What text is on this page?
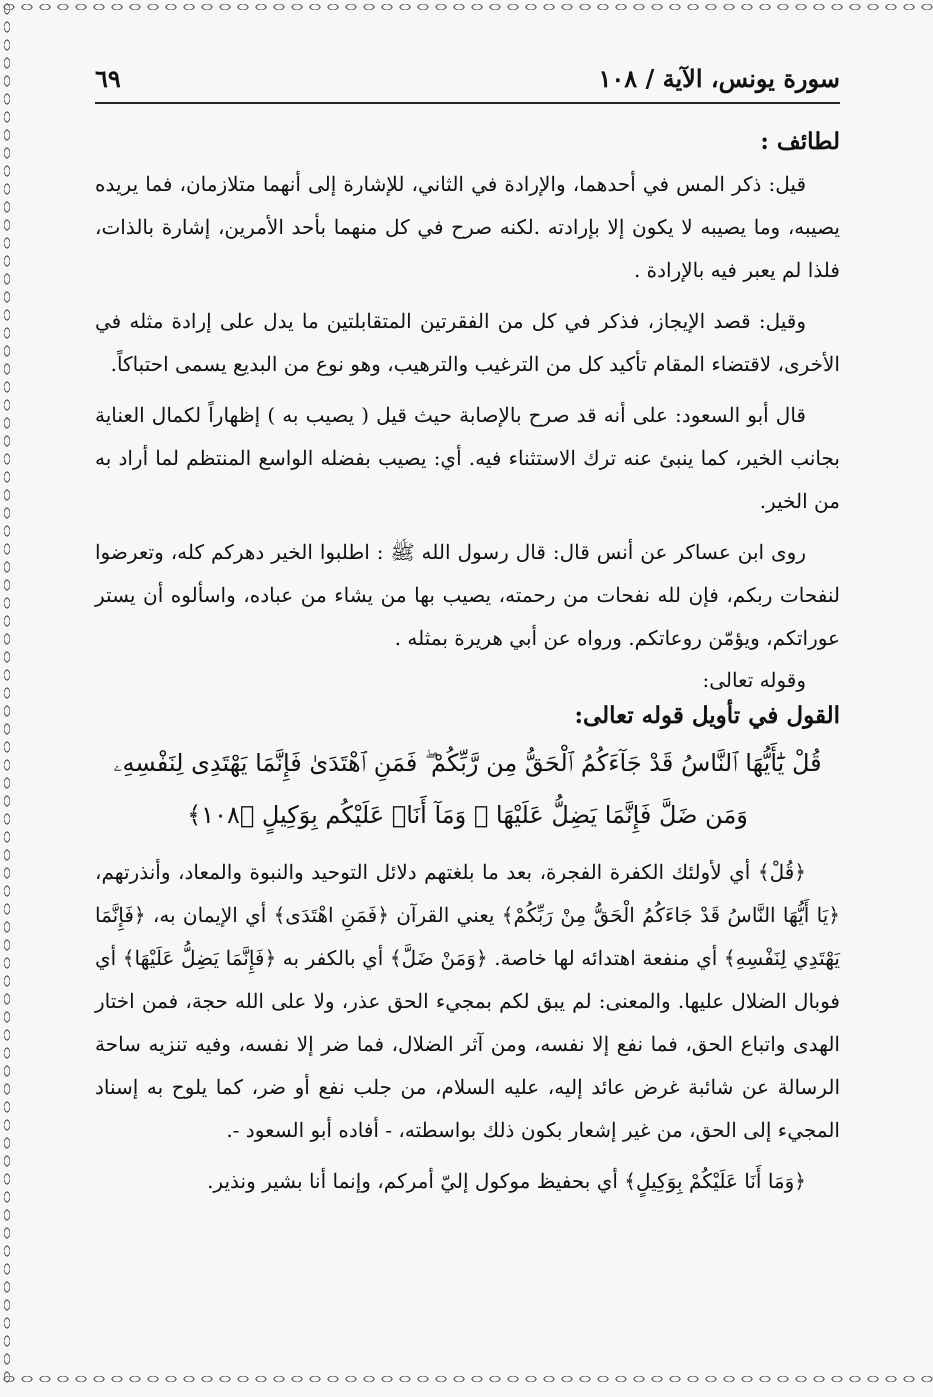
سورة يونس، الآية / ١٠٨
٦٩
لطائف :

قيل: ذكر المس في أحدهما، والإرادة في الثاني، للإشارة إلى أنهما متلازمان، فما يريده يصيبه، وما يصيبه لا يكون إلا بإرادته .لكنه صرح في كل منهما بأحد الأمرين، إشارة بالذات، فلذا لم يعبر فيه بالإرادة .

وقيل: قصد الإيجاز، فذكر في كل من الفقرتين المتقابلتين ما يدل على إرادة مثله في الأخرى، لاقتضاء المقام تأكيد كل من الترغيب والترهيب، وهو نوع من البديع يسمى احتباكاً.

قال أبو السعود: على أنه قد صرح بالإصابة حيث قيل ( يصيب به ) إظهاراً لكمال العناية بجانب الخير، كما ينبئ عنه ترك الاستثناء فيه. أي: يصيب بفضله الواسع المنتظم لما أراد به من الخير.

روى ابن عساكر عن أنس قال: قال رسول الله ﷺ : اطلبوا الخير دهركم كله، وتعرضوا لنفحات ربكم، فإن لله نفحات من رحمته، يصيب بها من يشاء من عباده، واسألوه أن يستر عوراتكم، ويؤمّن روعاتكم. ورواه عن أبي هريرة بمثله .

وقوله تعالى:
القول في تأويل قوله تعالى:
قُلْ يَٰٓأَيُّهَا ٱلنَّاسُ قَدْ جَآءَكُمُ ٱلْحَقُّ مِن رَّبِّكُمْ ۖ فَمَنِ ٱهْتَدَىٰ فَإِنَّمَا يَهْتَدِى لِنَفْسِهِۦ
وَمَن ضَلَّ فَإِنَّمَا يَضِلُّ عَلَيْهَا ۖ وَمَآ أَنَا۠ عَلَيْكُم بِوَكِيلٍ ﴿١٠٨﴾

﴿قُلْ﴾ أي لأولئك الكفرة الفجرة، بعد ما بلغتهم دلائل التوحيد والنبوة والمعاد، وأنذرتهم، ﴿يَا أَيُّهَا النَّاسُ قَدْ جَاءَكُمُ الْحَقُّ مِنْ رَبِّكُمْ﴾ يعني القرآن ﴿فَمَنِ اهْتَدَى﴾ أي الإيمان به، ﴿فَإِنَّمَا يَهْتَدِي لِنَفْسِهِ﴾ أي منفعة اهتدائه لها خاصة. ﴿وَمَنْ ضَلَّ﴾ أي بالكفر به ﴿فَإِنَّمَا يَضِلُّ عَلَيْهَا﴾ أي فوبال الضلال عليها. والمعنى: لم يبق لكم بمجيء الحق عذر، ولا على الله حجة، فمن اختار الهدى واتباع الحق، فما نفع إلا نفسه، ومن آثر الضلال، فما ضر إلا نفسه، وفيه تنزيه ساحة الرسالة عن شائبة غرض عائد إليه، عليه السلام، من جلب نفع أو ضر، كما يلوح به إسناد المجيء إلى الحق، من غير إشعار بكون ذلك بواسطته، - أفاده أبو السعود -.

﴿وَمَا أَنَا عَلَيْكُمْ بِوَكِيلٍ﴾ أي بحفيظ موكول إليّ أمركم، وإنما أنا بشير ونذير.
